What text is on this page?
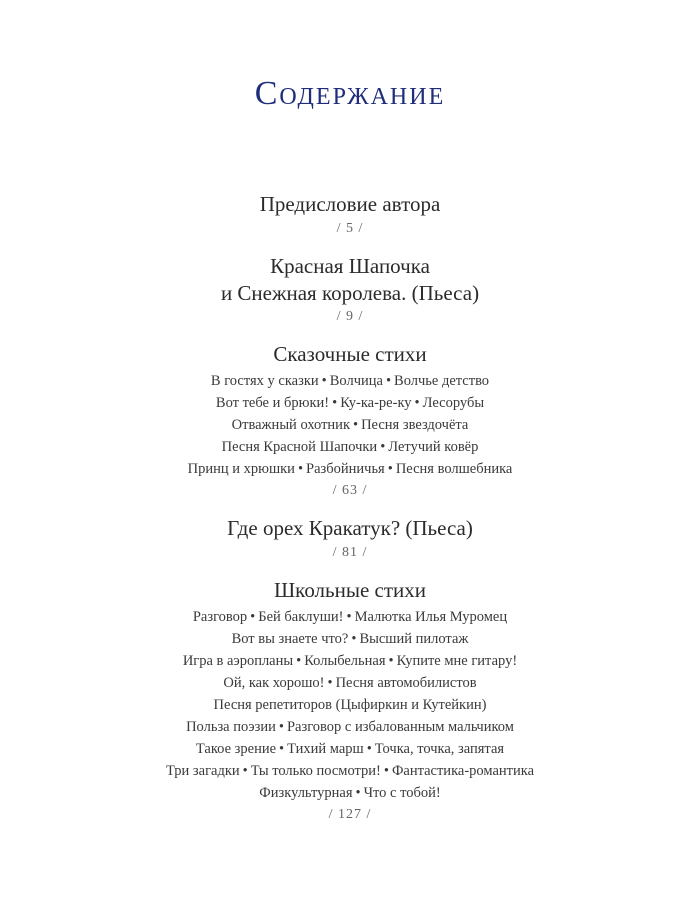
Содержание
Предисловие автора
/ 5 /
Красная Шапочка
и Снежная королева. (Пьеса)
/ 9 /
Сказочные стихи
В гостях у сказки • Волчица • Волчье детство
Вот тебе и брюки! • Ку-ка-ре-ку • Лесорубы
Отважный охотник • Песня звездочёта
Песня Красной Шапочки • Летучий ковёр
Принц и хрюшки • Разбойничья • Песня волшебника
/ 63 /
Где орех Кракатук? (Пьеса)
/ 81 /
Школьные стихи
Разговор • Бей баклуши! • Малютка Илья Муромец
Вот вы знаете что? • Высший пилотаж
Игра в аэропланы • Колыбельная • Купите мне гитару!
Ой, как хорошо! • Песня автомобилистов
Песня репетиторов (Цыфиркин и Кутейкин)
Польза поэзии • Разговор с избалованным мальчиком
Такое зрение • Тихий марш • Точка, точка, запятая
Три загадки • Ты только посмотри! • Фантастика-романтика
Физкультурная • Что с тобой!
/ 127 /
